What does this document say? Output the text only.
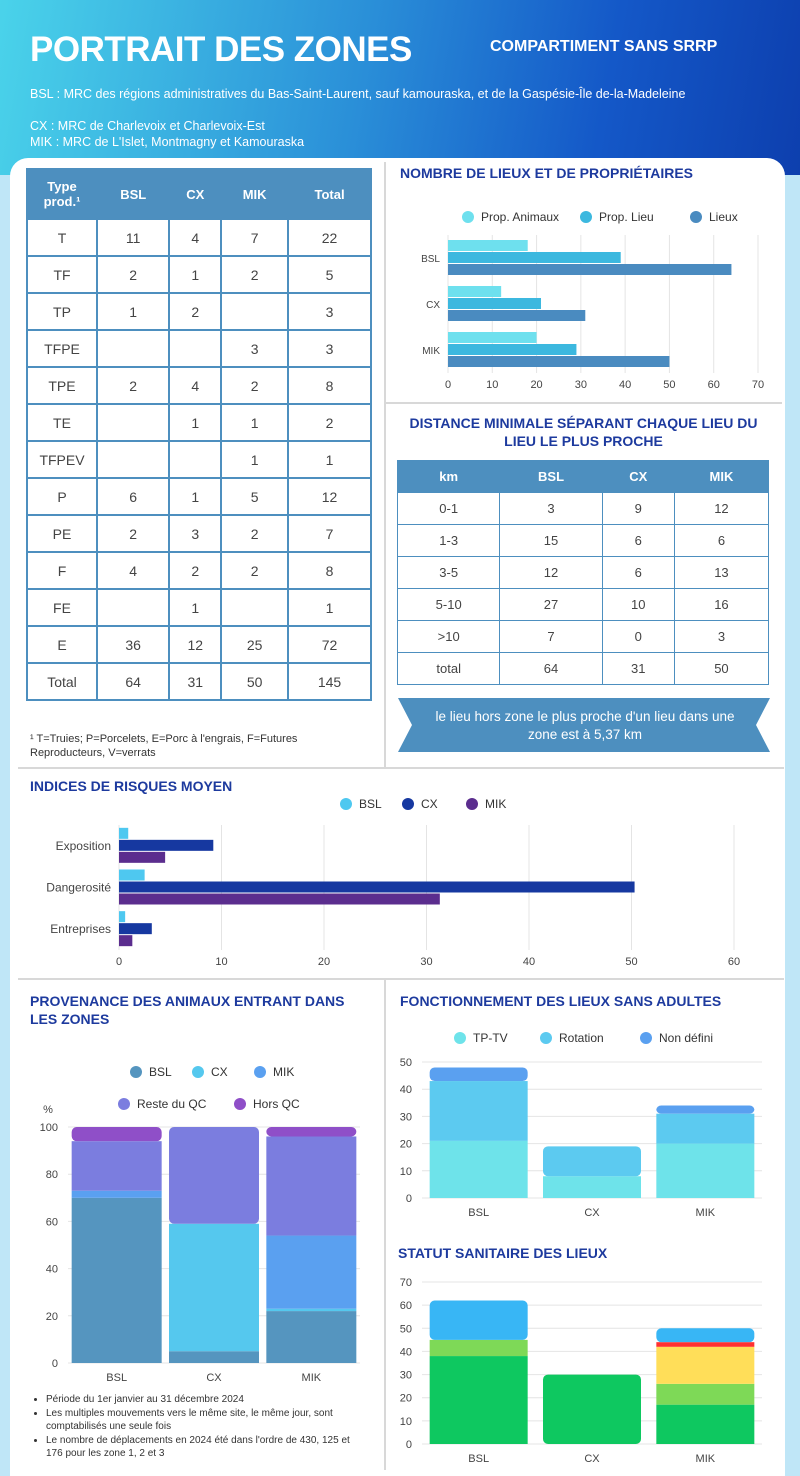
PORTRAIT DES ZONES	COMPARTIMENT SANS SRRP
BSL : MRC des régions administratives du Bas-Saint-Laurent, sauf kamouraska, et de la Gaspésie-Île de-la-Madeleine
CX : MRC de Charlevoix et Charlevoix-Est
MIK : MRC de L'Islet, Montmagny et Kamouraska
Type prod.¹	BSL	CX	MIK	Total
T	11	4	7	22
TF	2	1	2	5
TP	1	2		3
TFPE			3	3
TPE	2	4	2	8
TE		1	1	2
TFPEV			1	1
P	6	1	5	12
PE	2	3	2	7
F	4	2	2	8
FE		1		1
E	36	12	25	72
Total	64	31	50	145
¹ T=Truies; P=Porcelets, E=Porc à l'engrais, F=Futures Reproducteurs, V=verrats
NOMBRE DE LIEUX ET DE PROPRIÉTAIRES
Prop. Animaux	Prop. Lieu	Lieux
0	10	20	30	40	50	60	70
BSL
CX
MIK
DISTANCE MINIMALE SÉPARANT CHAQUE LIEU DU LIEU LE PLUS PROCHE
km	BSL	CX	MIK
0-1	3	9	12
1-3	15	6	6
3-5	12	6	13
5-10	27	10	16
>10	7	0	3
total	64	31	50
le lieu hors zone le plus proche d'un lieu dans une zone est à 5,37 km
INDICES DE RISQUES MOYEN
BSL	CX	MIK
0	10	20	30	40	50	60
Exposition
Dangerosité
Entreprises
PROVENANCE DES ANIMAUX ENTRANT DANS LES ZONES
BSL	CX	MIK
Reste du QC	Hors QC
0
20
40
60
80
100
%
BSL	CX	MIK
• Période du 1er janvier au 31 décembre 2024
• Les multiples mouvements vers le même site, le même jour, sont comptabilisés une seule fois
• Le nombre de déplacements en 2024 été dans l'ordre de 430, 125 et 176 pour les zone 1, 2 et 3
FONCTIONNEMENT DES LIEUX SANS ADULTES
TP-TV	Rotation	Non défini
0
10
20
30
40
50
BSL	CX	MIK
STATUT SANITAIRE DES LIEUX
0
10
20
30
40
50
60
70
BSL	CX	MIK
